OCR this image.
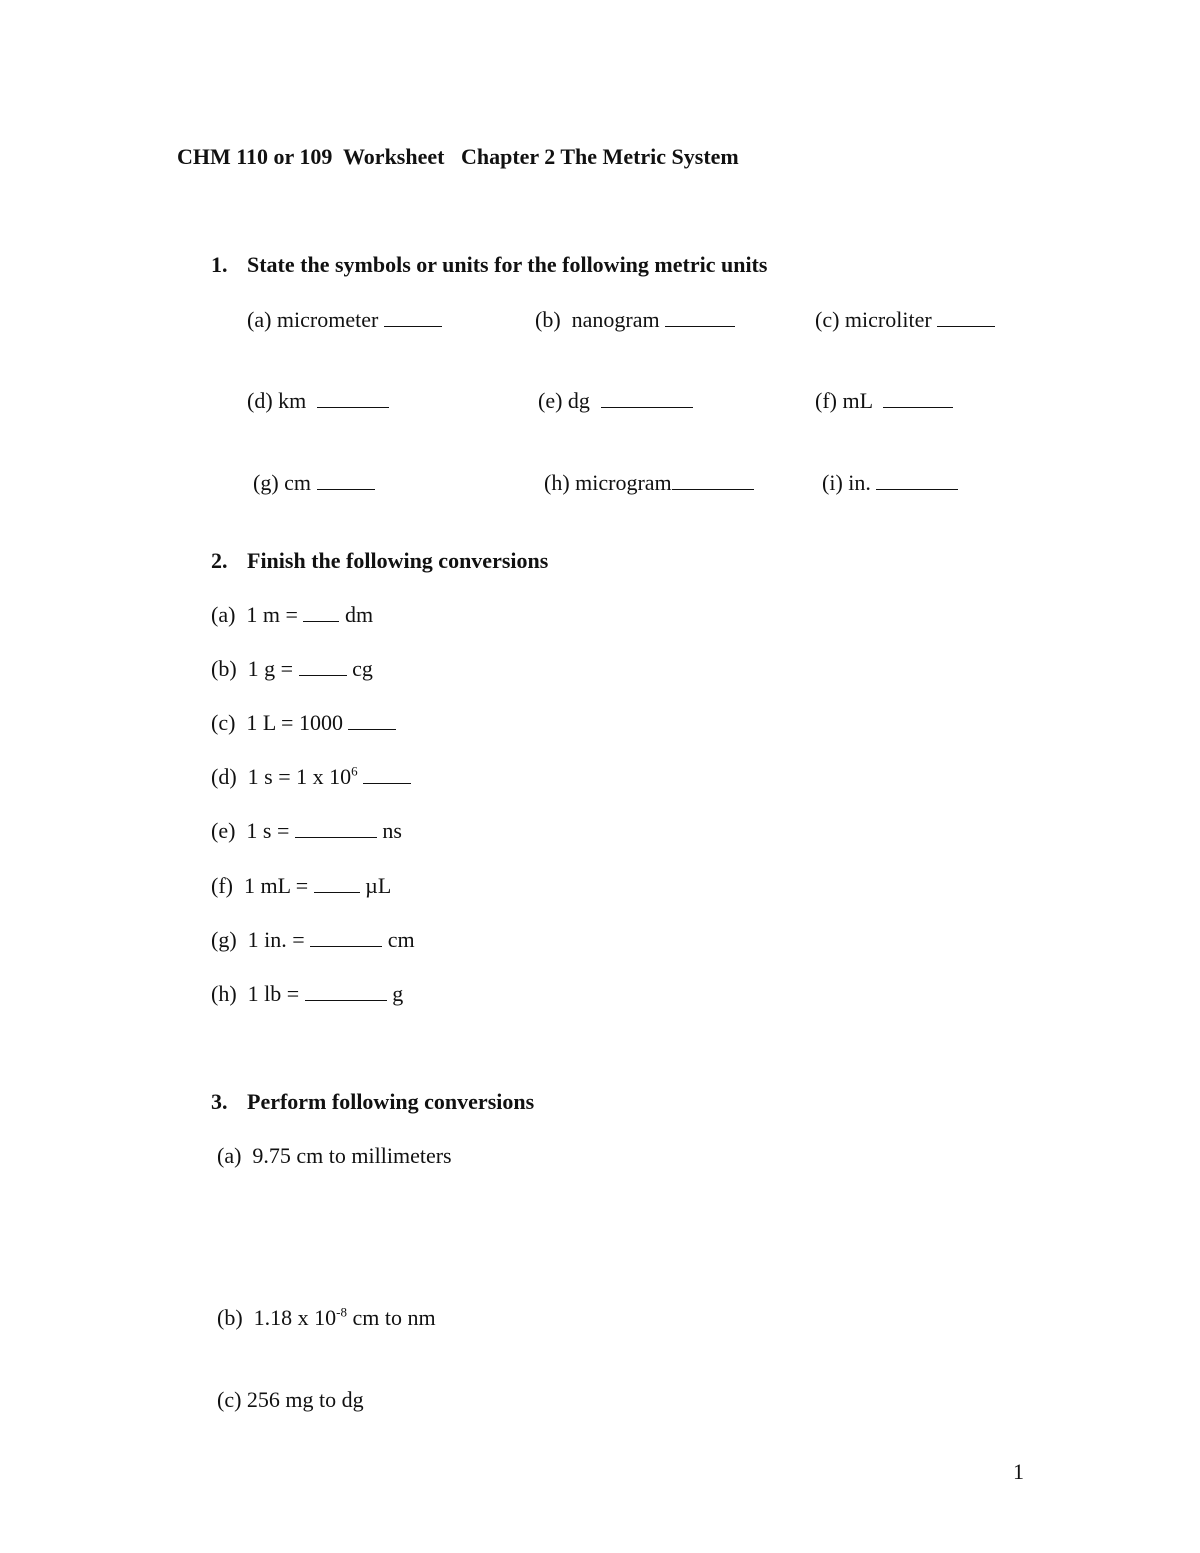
CHM 110 or 109  Worksheet   Chapter 2 The Metric System
1. State the symbols or units for the following metric units
(a) micrometer	(b)  nanogram	(c) microliter
(d) km	(e) dg	(f) mL
(g) cm	(h) microgram	(i) in.
2. Finish the following conversions
(a) 1 m =  dm
(b) 1 g =  cg
(c) 1 L = 1000
(d) 1 s = 1 x $10^6$
(e) 1 s =	ns
(f) 1 mL =  µL
(g) 1 in. =	cm
(h) 1 lb =	g
3. Perform following conversions
(a)  9.75 cm to millimeters
(b)  1.18 x $10^{-8}$ cm to nm
(c) 256 mg to dg
1
